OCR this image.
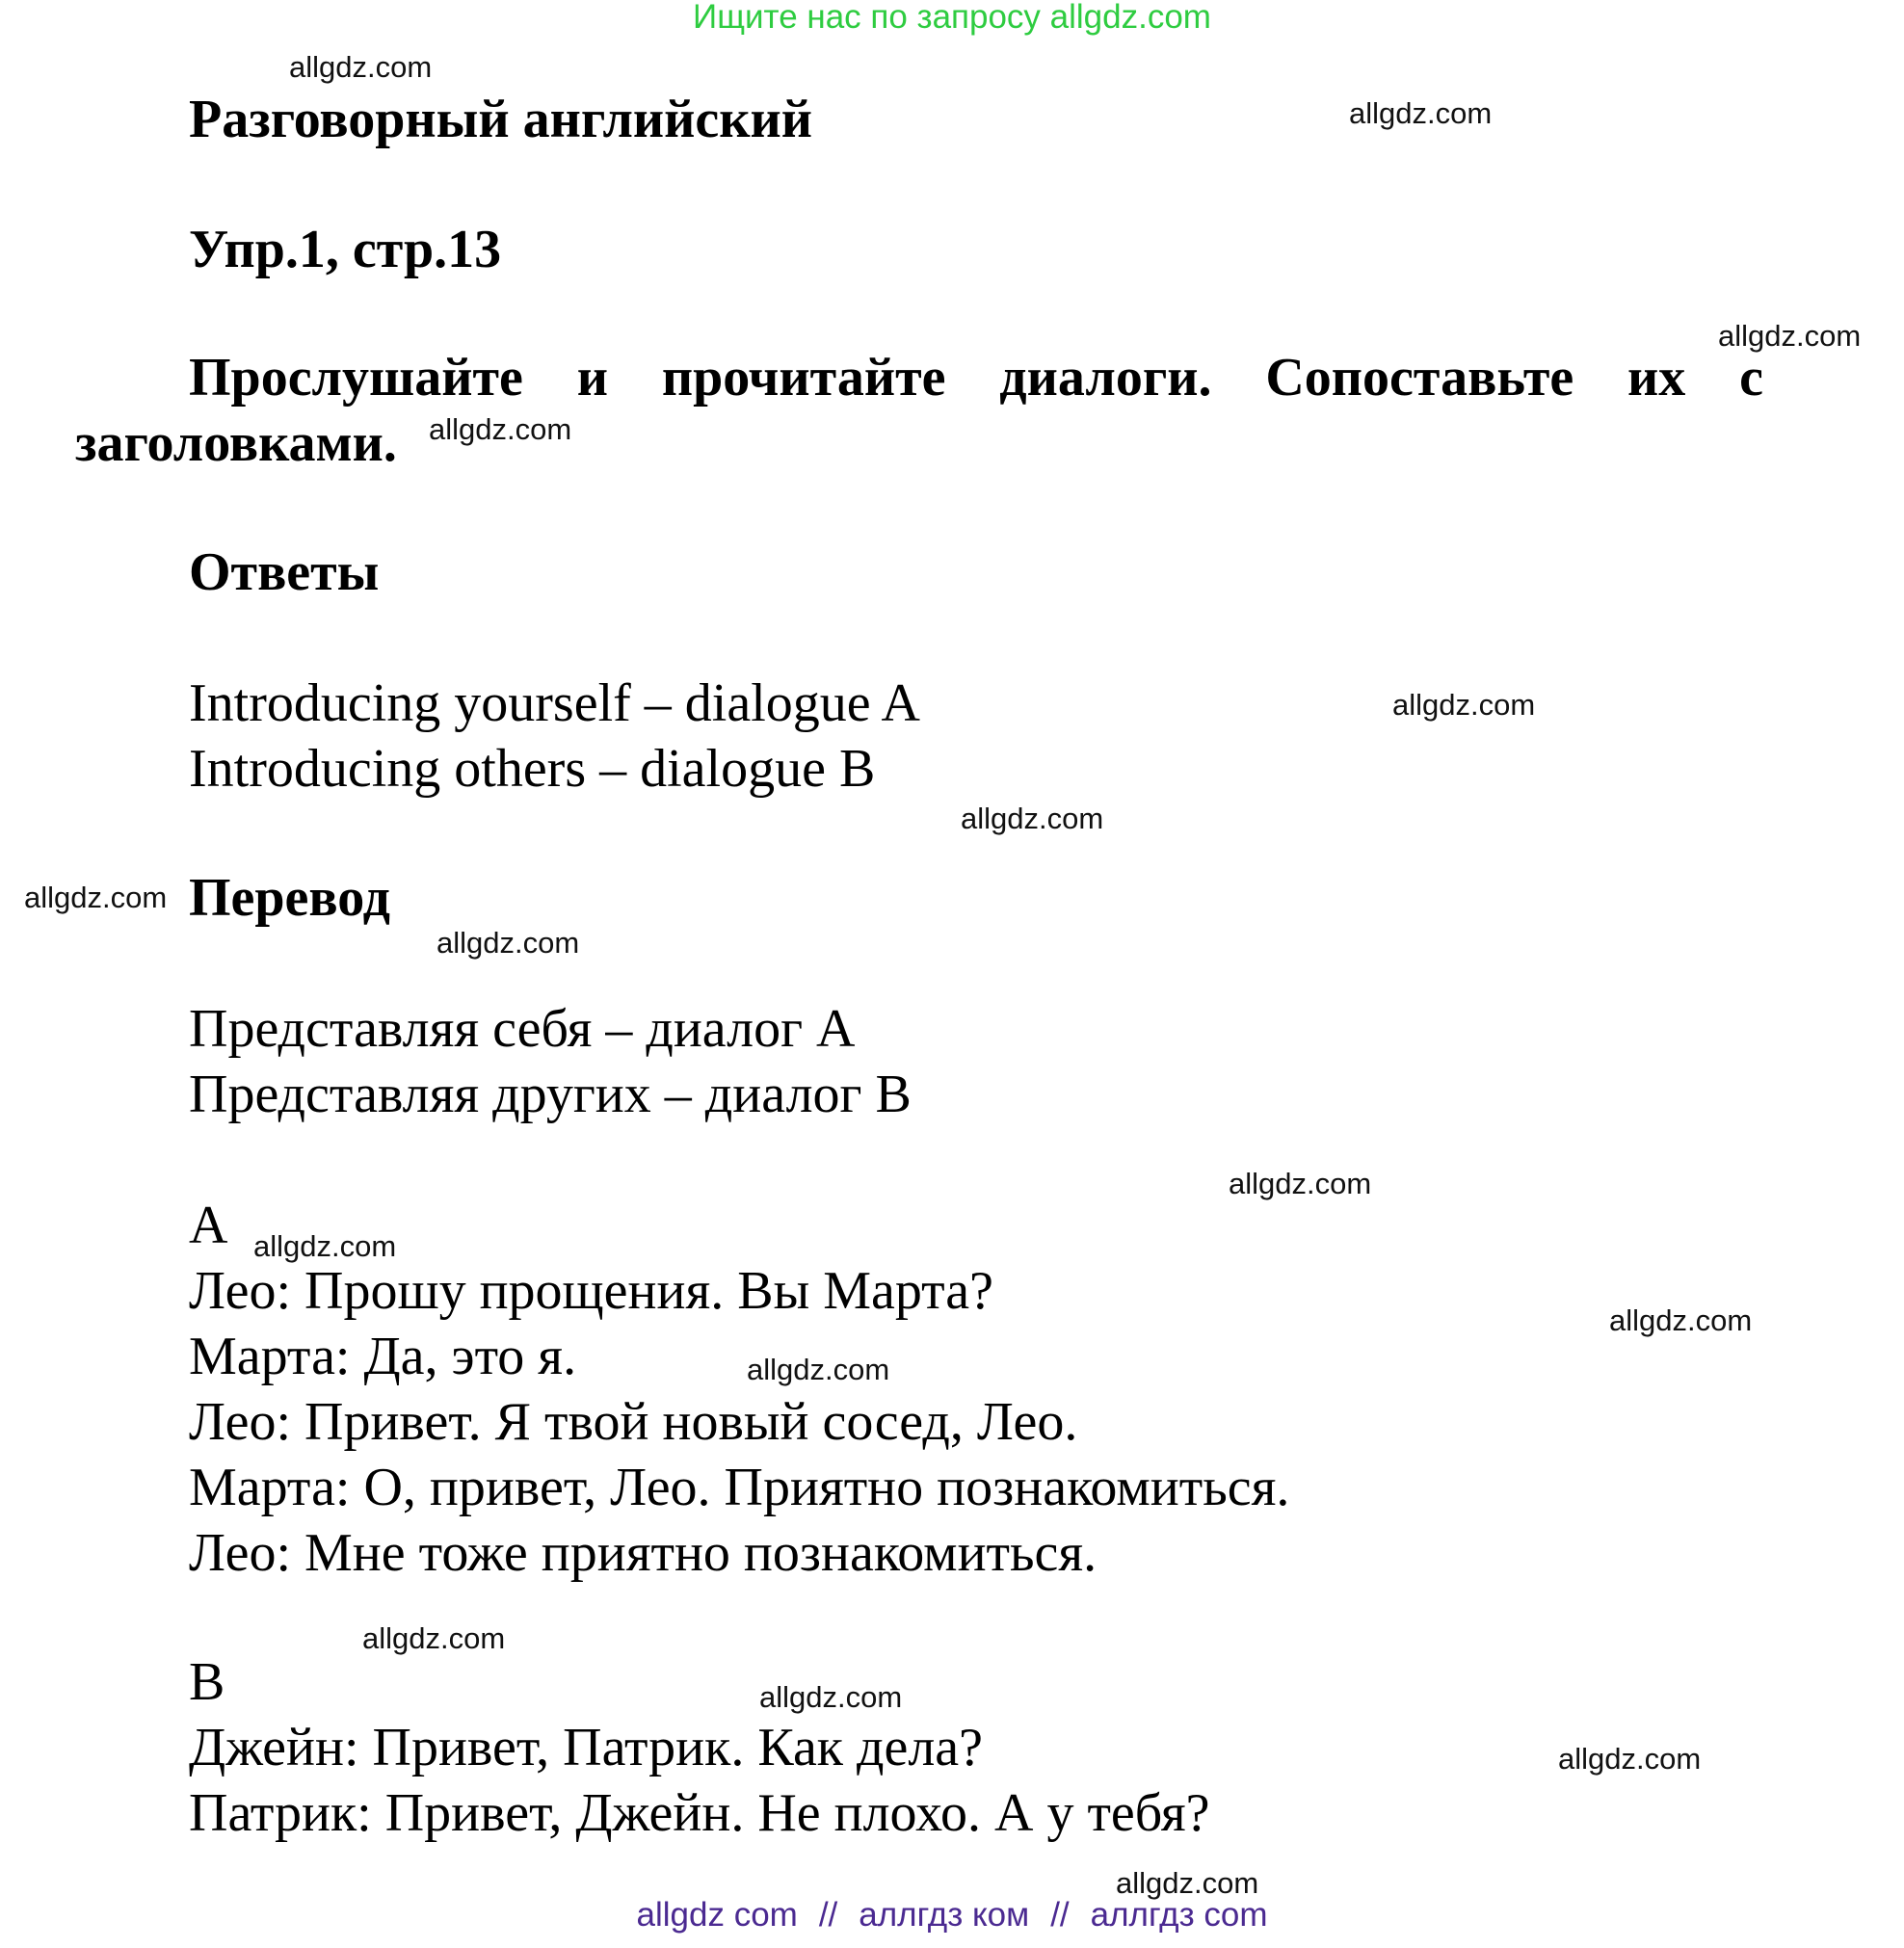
Ищите нас по запросу allgdz.com
Разговорный английский
Упр.1, стр.13

Прослушайте и прочитайте диалоги. Сопоставьте их с заголовками.

Ответы
Introducing yourself – dialogue A
Introducing others – dialogue B
Перевод
Представляя себя – диалог A
Представляя других – диалог B
A
Лео: Прошу прощения. Вы Марта?
Марта: Да, это я.
Лео: Привет. Я твой новый сосед, Лео.
Марта: О, привет, Лео. Приятно познакомиться.
Лео: Мне тоже приятно познакомиться.
B
Джейн: Привет, Патрик. Как дела?
Патрик: Привет, Джейн. Не плохо. А у тебя?
allgdz.com
allgdz.com
allgdz.com
allgdz.com
allgdz.com
allgdz.com
allgdz.com
allgdz.com
allgdz.com
allgdz.com
allgdz.com
allgdz.com
allgdz.com
allgdz.com
allgdz.com
allgdz.com
allgdz com // аллгдз ком // аллгдз com
